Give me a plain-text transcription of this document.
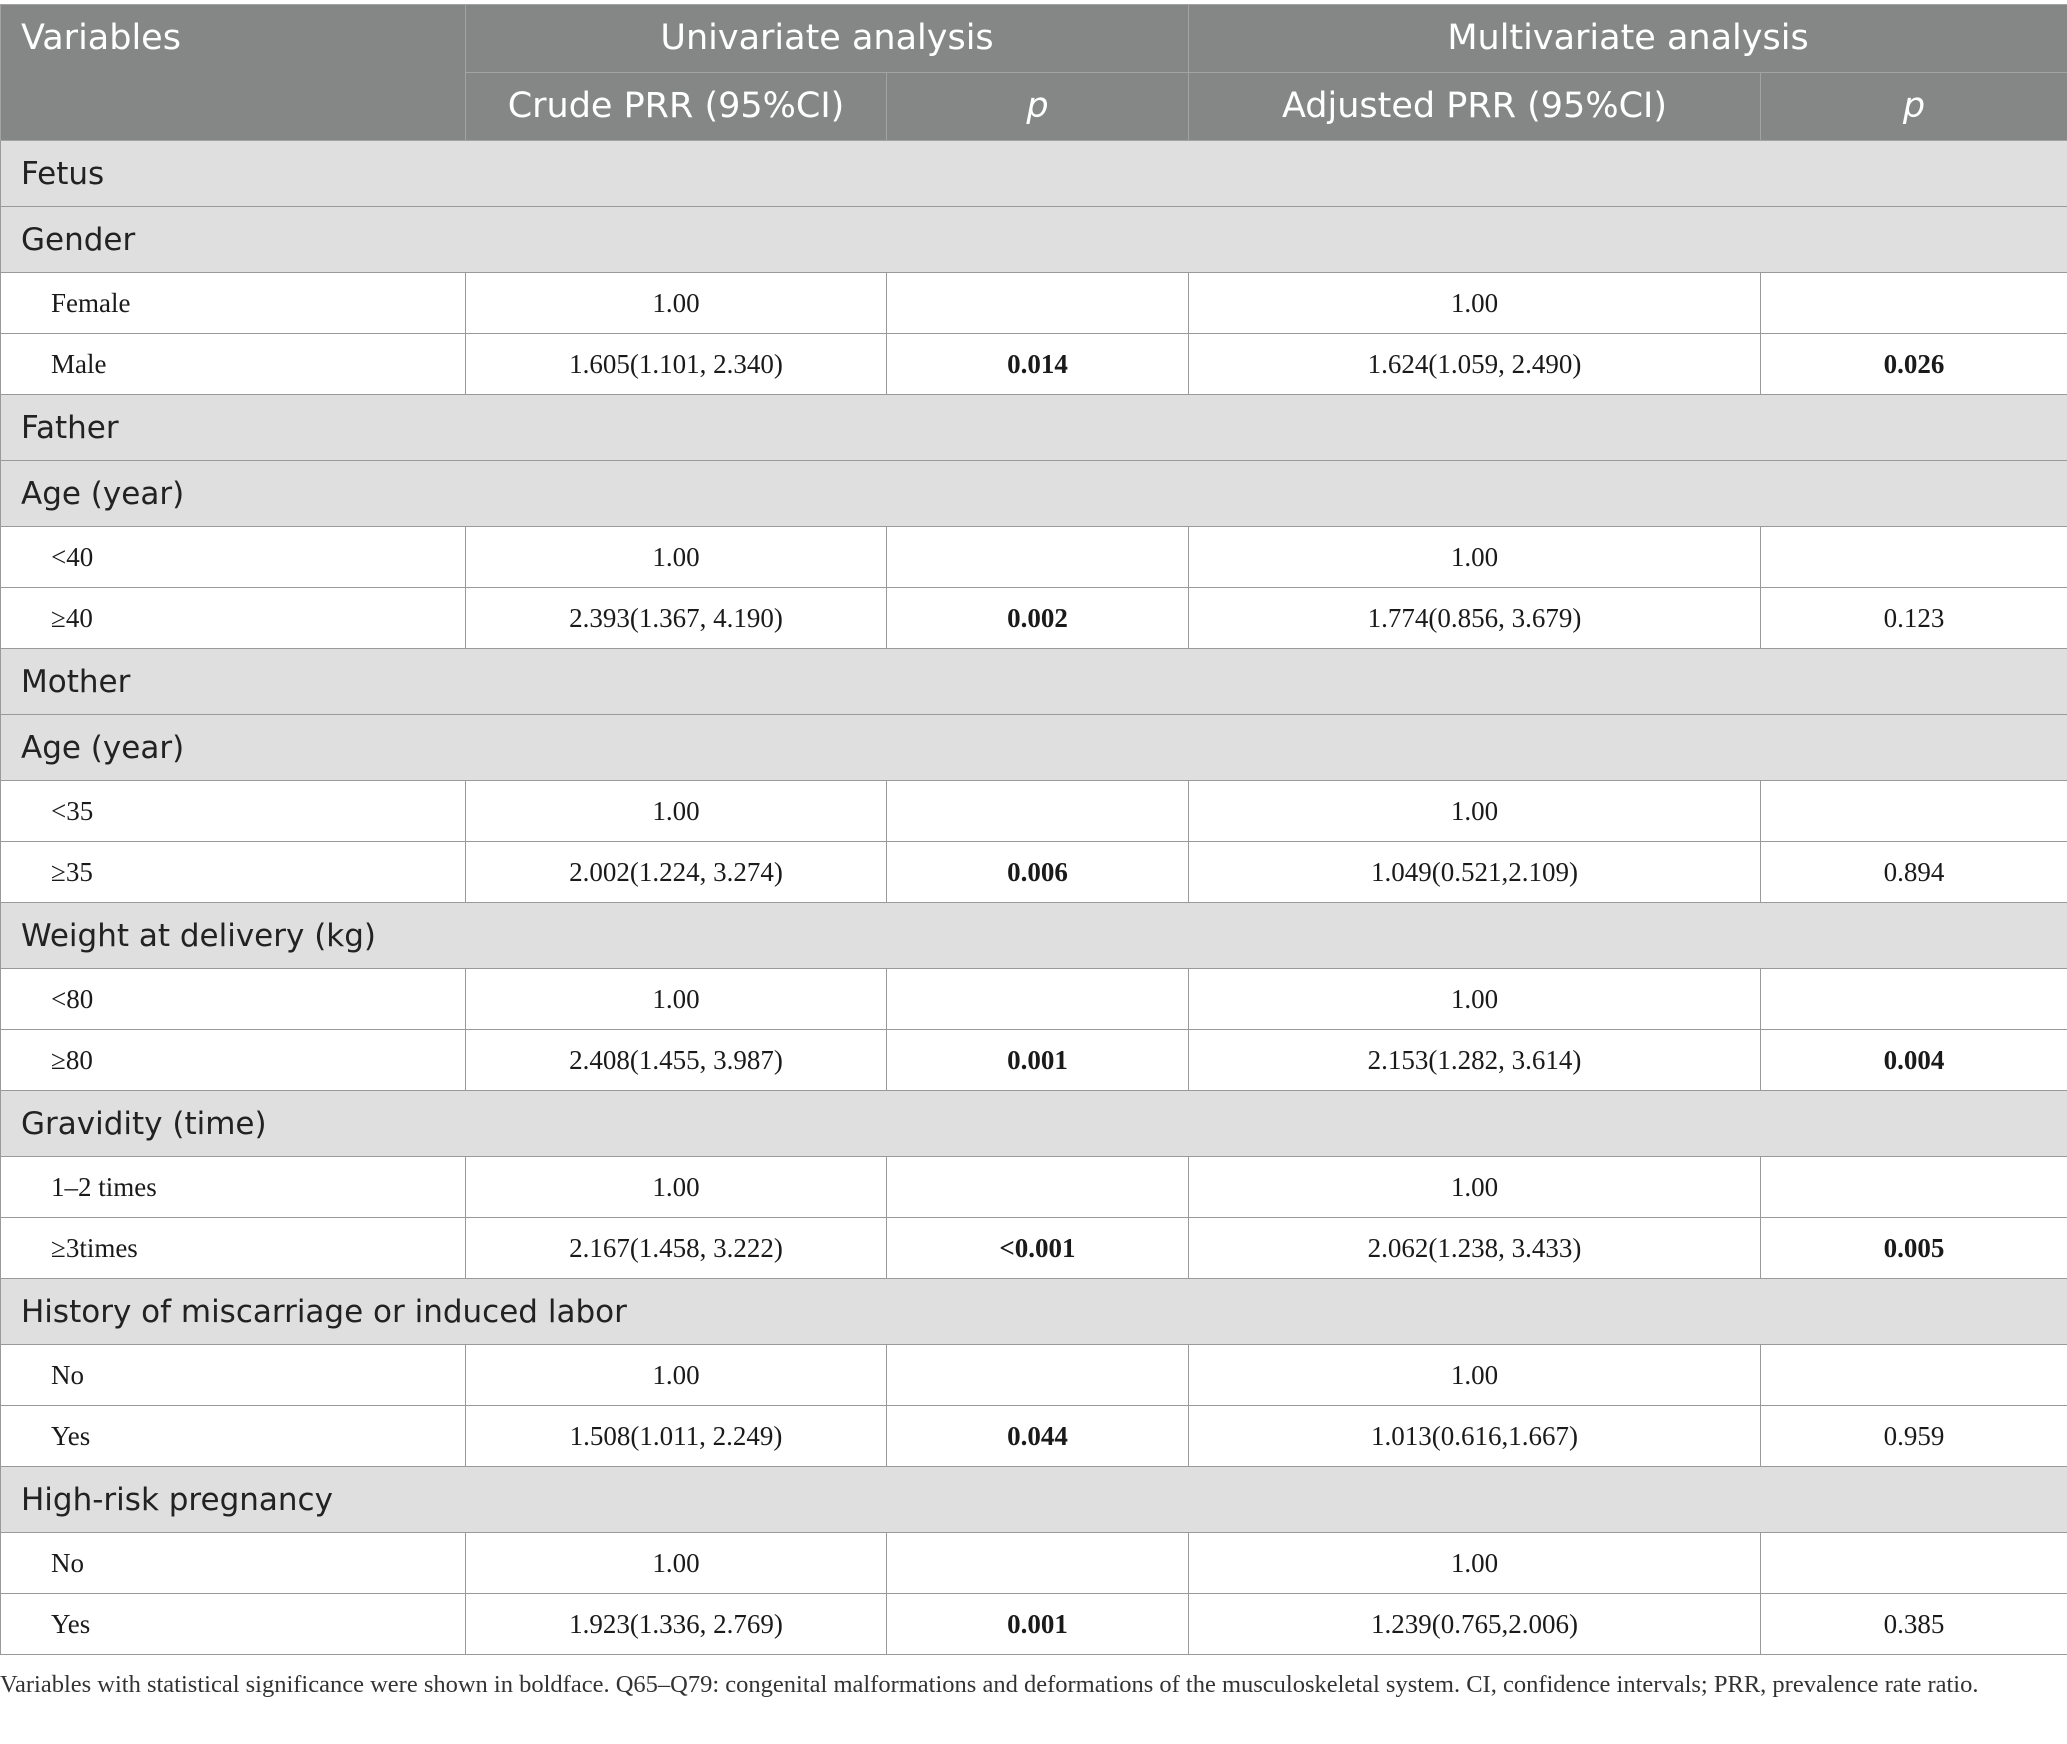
Variables	Univariate analysis		Multivariate analysis	
	Crude PRR (95%CI)	p	Adjusted PRR (95%CI)	p
Fetus				
Gender				
Female	1.00		1.00	
Male	1.605(1.101, 2.340)	0.014	1.624(1.059, 2.490)	0.026
Father				
Age (year)				
<40	1.00		1.00	
≥40	2.393(1.367, 4.190)	0.002	1.774(0.856, 3.679)	0.123
Mother				
Age (year)				
<35	1.00		1.00	
≥35	2.002(1.224, 3.274)	0.006	1.049(0.521,2.109)	0.894
Weight at delivery (kg)				
<80	1.00		1.00	
≥80	2.408(1.455, 3.987)	0.001	2.153(1.282, 3.614)	0.004
Gravidity (time)				
1–2 times	1.00		1.00	
≥3times	2.167(1.458, 3.222)	<0.001	2.062(1.238, 3.433)	0.005
History of miscarriage or induced labor				
No	1.00		1.00	
Yes	1.508(1.011, 2.249)	0.044	1.013(0.616,1.667)	0.959
High-risk pregnancy				
No	1.00		1.00	
Yes	1.923(1.336, 2.769)	0.001	1.239(0.765,2.006)	0.385
Variables with statistical significance were shown in boldface. Q65–Q79: congenital malformations and deformations of the musculoskeletal system. CI, confidence intervals; PRR, prevalence rate ratio.
